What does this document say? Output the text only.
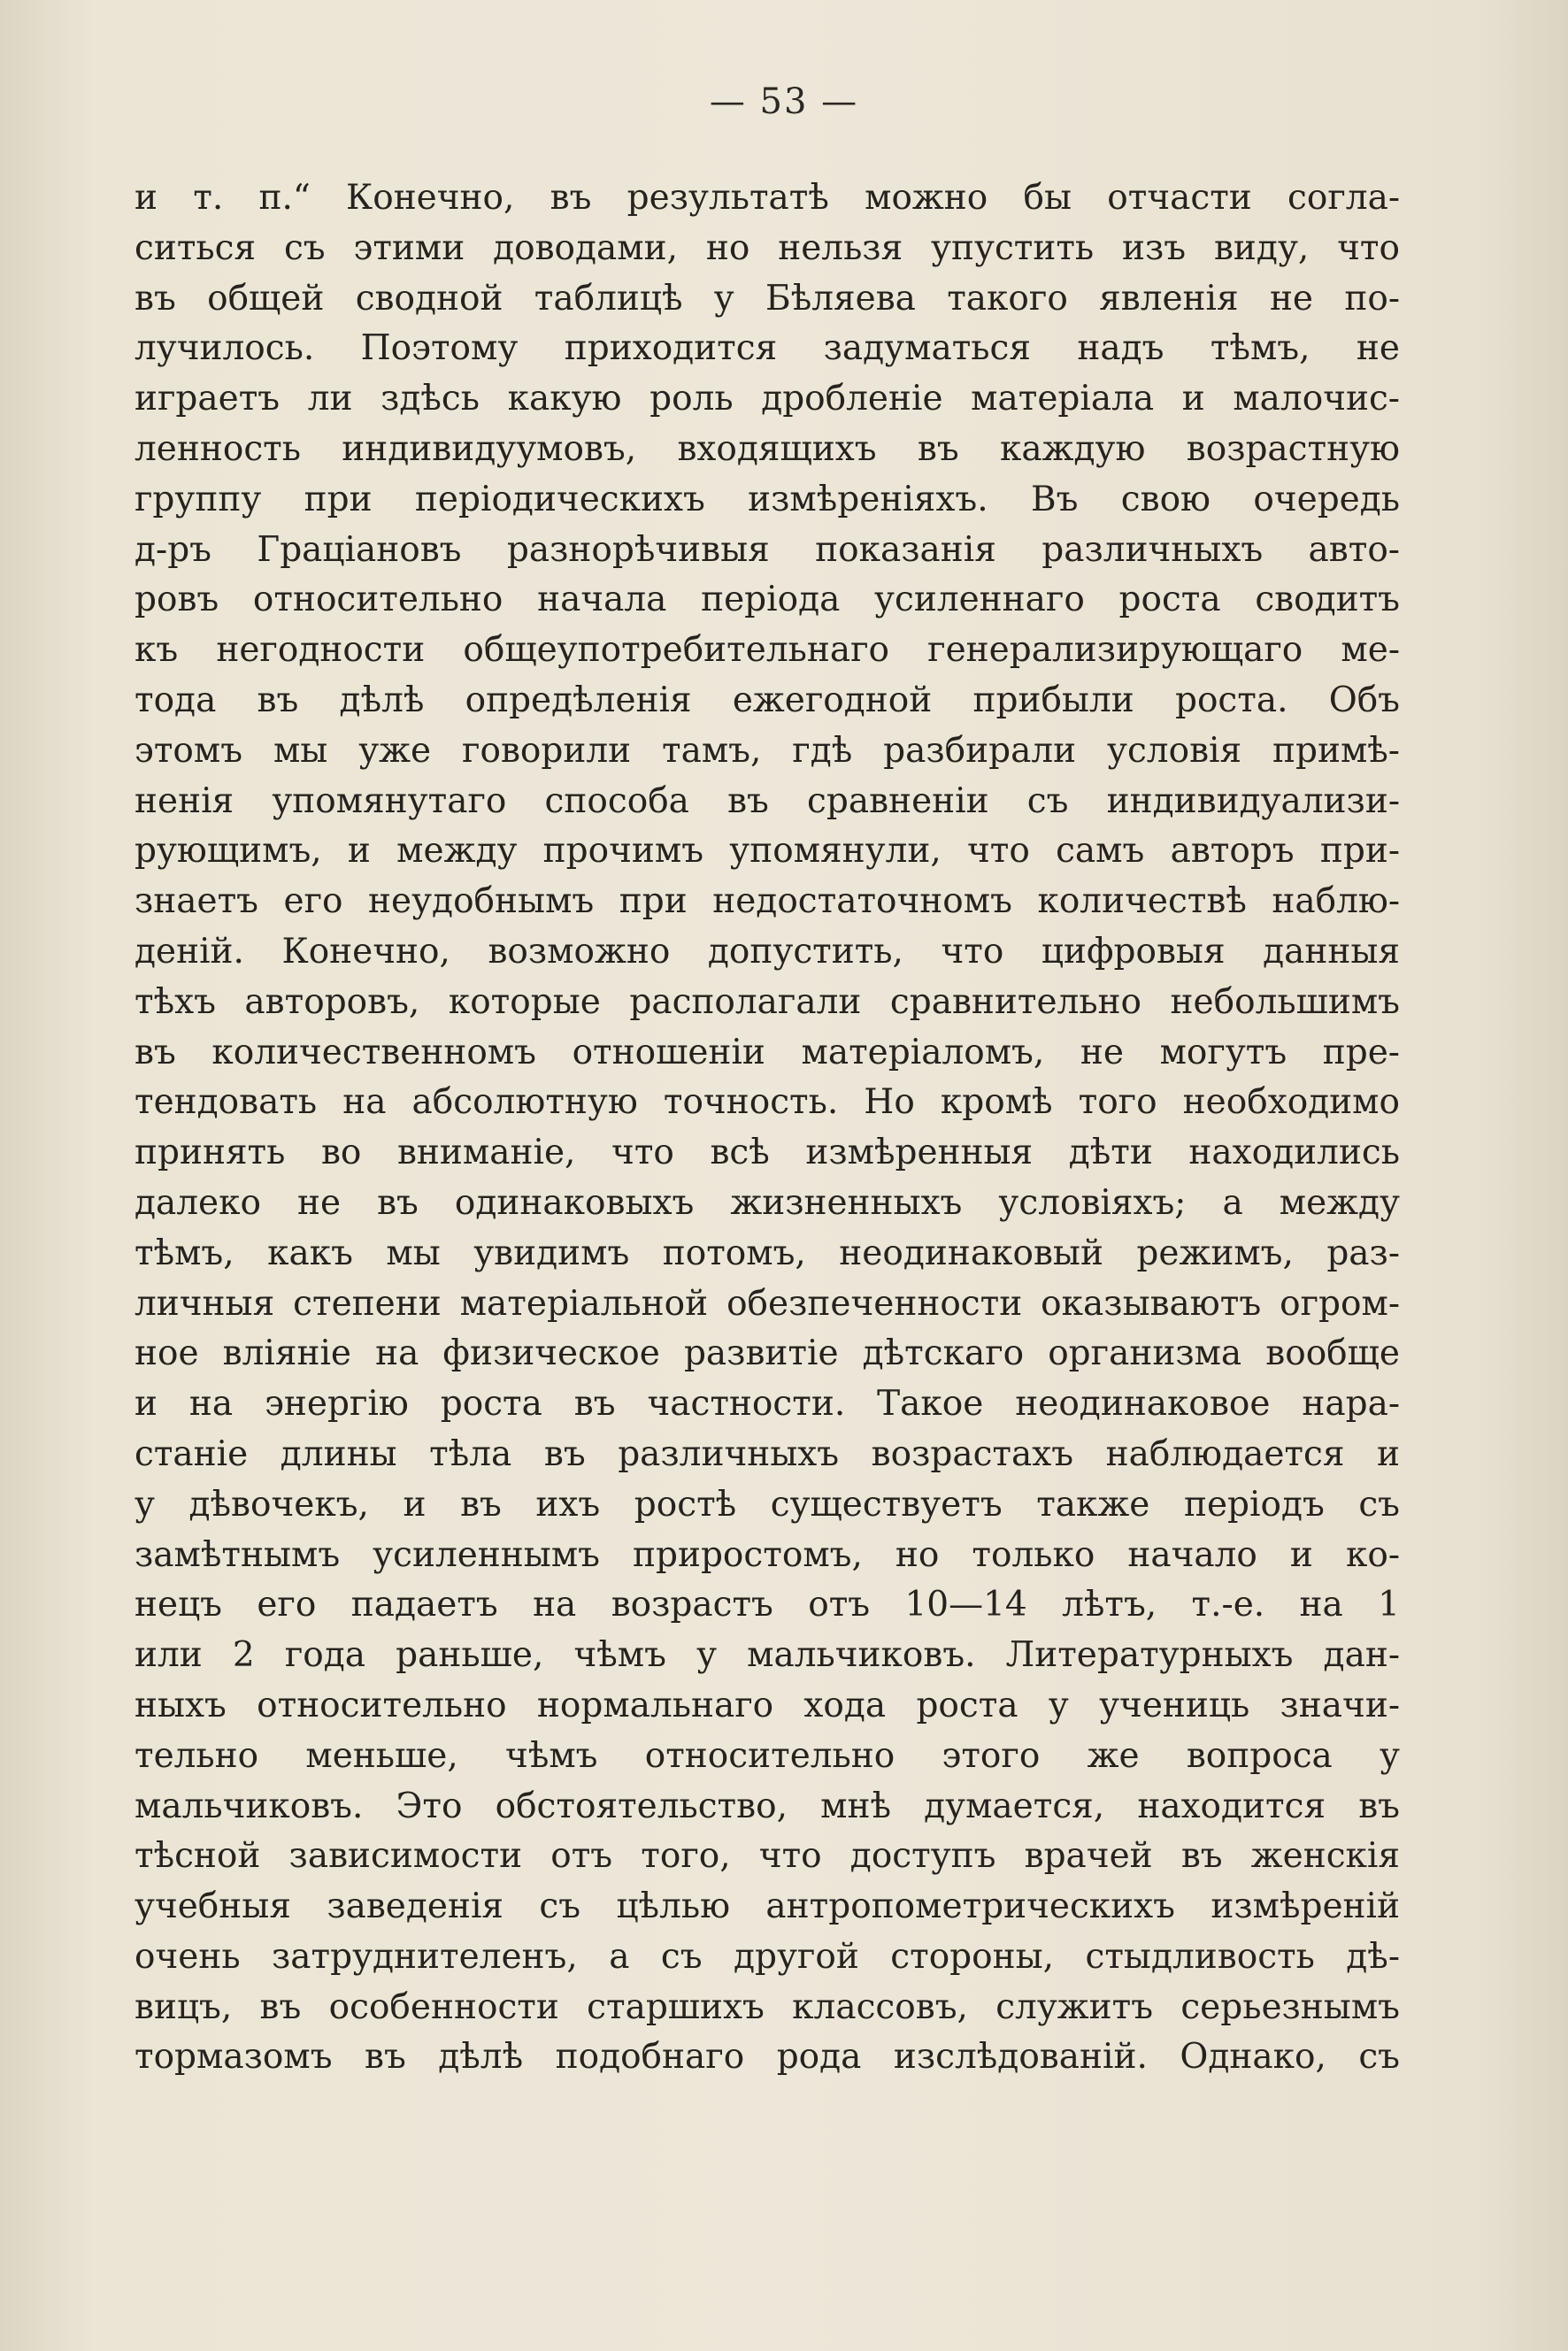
— 53 —
и т. п.“ Конечно, въ результатѣ можно бы отчасти согла-
ситься съ этими доводами, но нельзя упустить изъ виду, что
въ общей сводной таблицѣ у Бѣляева такого явленія не по-
лучилось. Поэтому приходится задуматься надъ тѣмъ, не
играетъ ли здѣсь какую роль дробленіе матеріала и малочис-
ленность индивидуумовъ, входящихъ въ каждую возрастную
группу при періодическихъ измѣреніяхъ. Въ свою очередь
д-ръ Граціановъ разнорѣчивыя показанія различныхъ авто-
ровъ относительно начала періода усиленнаго роста сводитъ
къ негодности общеупотребительнаго генерализирующаго ме-
тода въ дѣлѣ опредѣленія ежегодной прибыли роста. Объ
этомъ мы уже говорили тамъ, гдѣ разбирали условія примѣ-
ненія упомянутаго способа въ сравненіи съ индивидуализи-
рующимъ, и между прочимъ упомянули, что самъ авторъ при-
знаетъ его неудобнымъ при недостаточномъ количествѣ наблю-
деній. Конечно, возможно допустить, что цифровыя данныя
тѣхъ авторовъ, которые располагали сравнительно небольшимъ
въ количественномъ отношеніи матеріаломъ, не могутъ пре-
тендовать на абсолютную точность. Но кромѣ того необходимо
принять во вниманіе, что всѣ измѣренныя дѣти находились
далеко не въ одинаковыхъ жизненныхъ условіяхъ; а между
тѣмъ, какъ мы увидимъ потомъ, неодинаковый режимъ, раз-
личныя степени матеріальной обезпеченности оказываютъ огром-
ное вліяніе на физическое развитіе дѣтскаго организма вообще
и на энергію роста въ частности. Такое неодинаковое нара-
станіе длины тѣла въ различныхъ возрастахъ наблюдается и
у дѣвочекъ, и въ ихъ ростѣ существуетъ также періодъ съ
замѣтнымъ усиленнымъ приростомъ, но только начало и ко-
нецъ его падаетъ на возрастъ отъ 10—14 лѣтъ, т.-е. на 1
или 2 года раньше, чѣмъ у мальчиковъ. Литературныхъ дан-
ныхъ относительно нормальнаго хода роста у учениць значи-
тельно меньше, чѣмъ относительно этого же вопроса у
мальчиковъ. Это обстоятельство, мнѣ думается, находится въ
тѣсной зависимости отъ того, что доступъ врачей въ женскія
учебныя заведенія съ цѣлью антропометрическихъ измѣреній
очень затруднителенъ, а съ другой стороны, стыдливость дѣ-
вицъ, въ особенности старшихъ классовъ, служитъ серьезнымъ
тормазомъ въ дѣлѣ подобнаго рода изслѣдованій. Однако, съ
